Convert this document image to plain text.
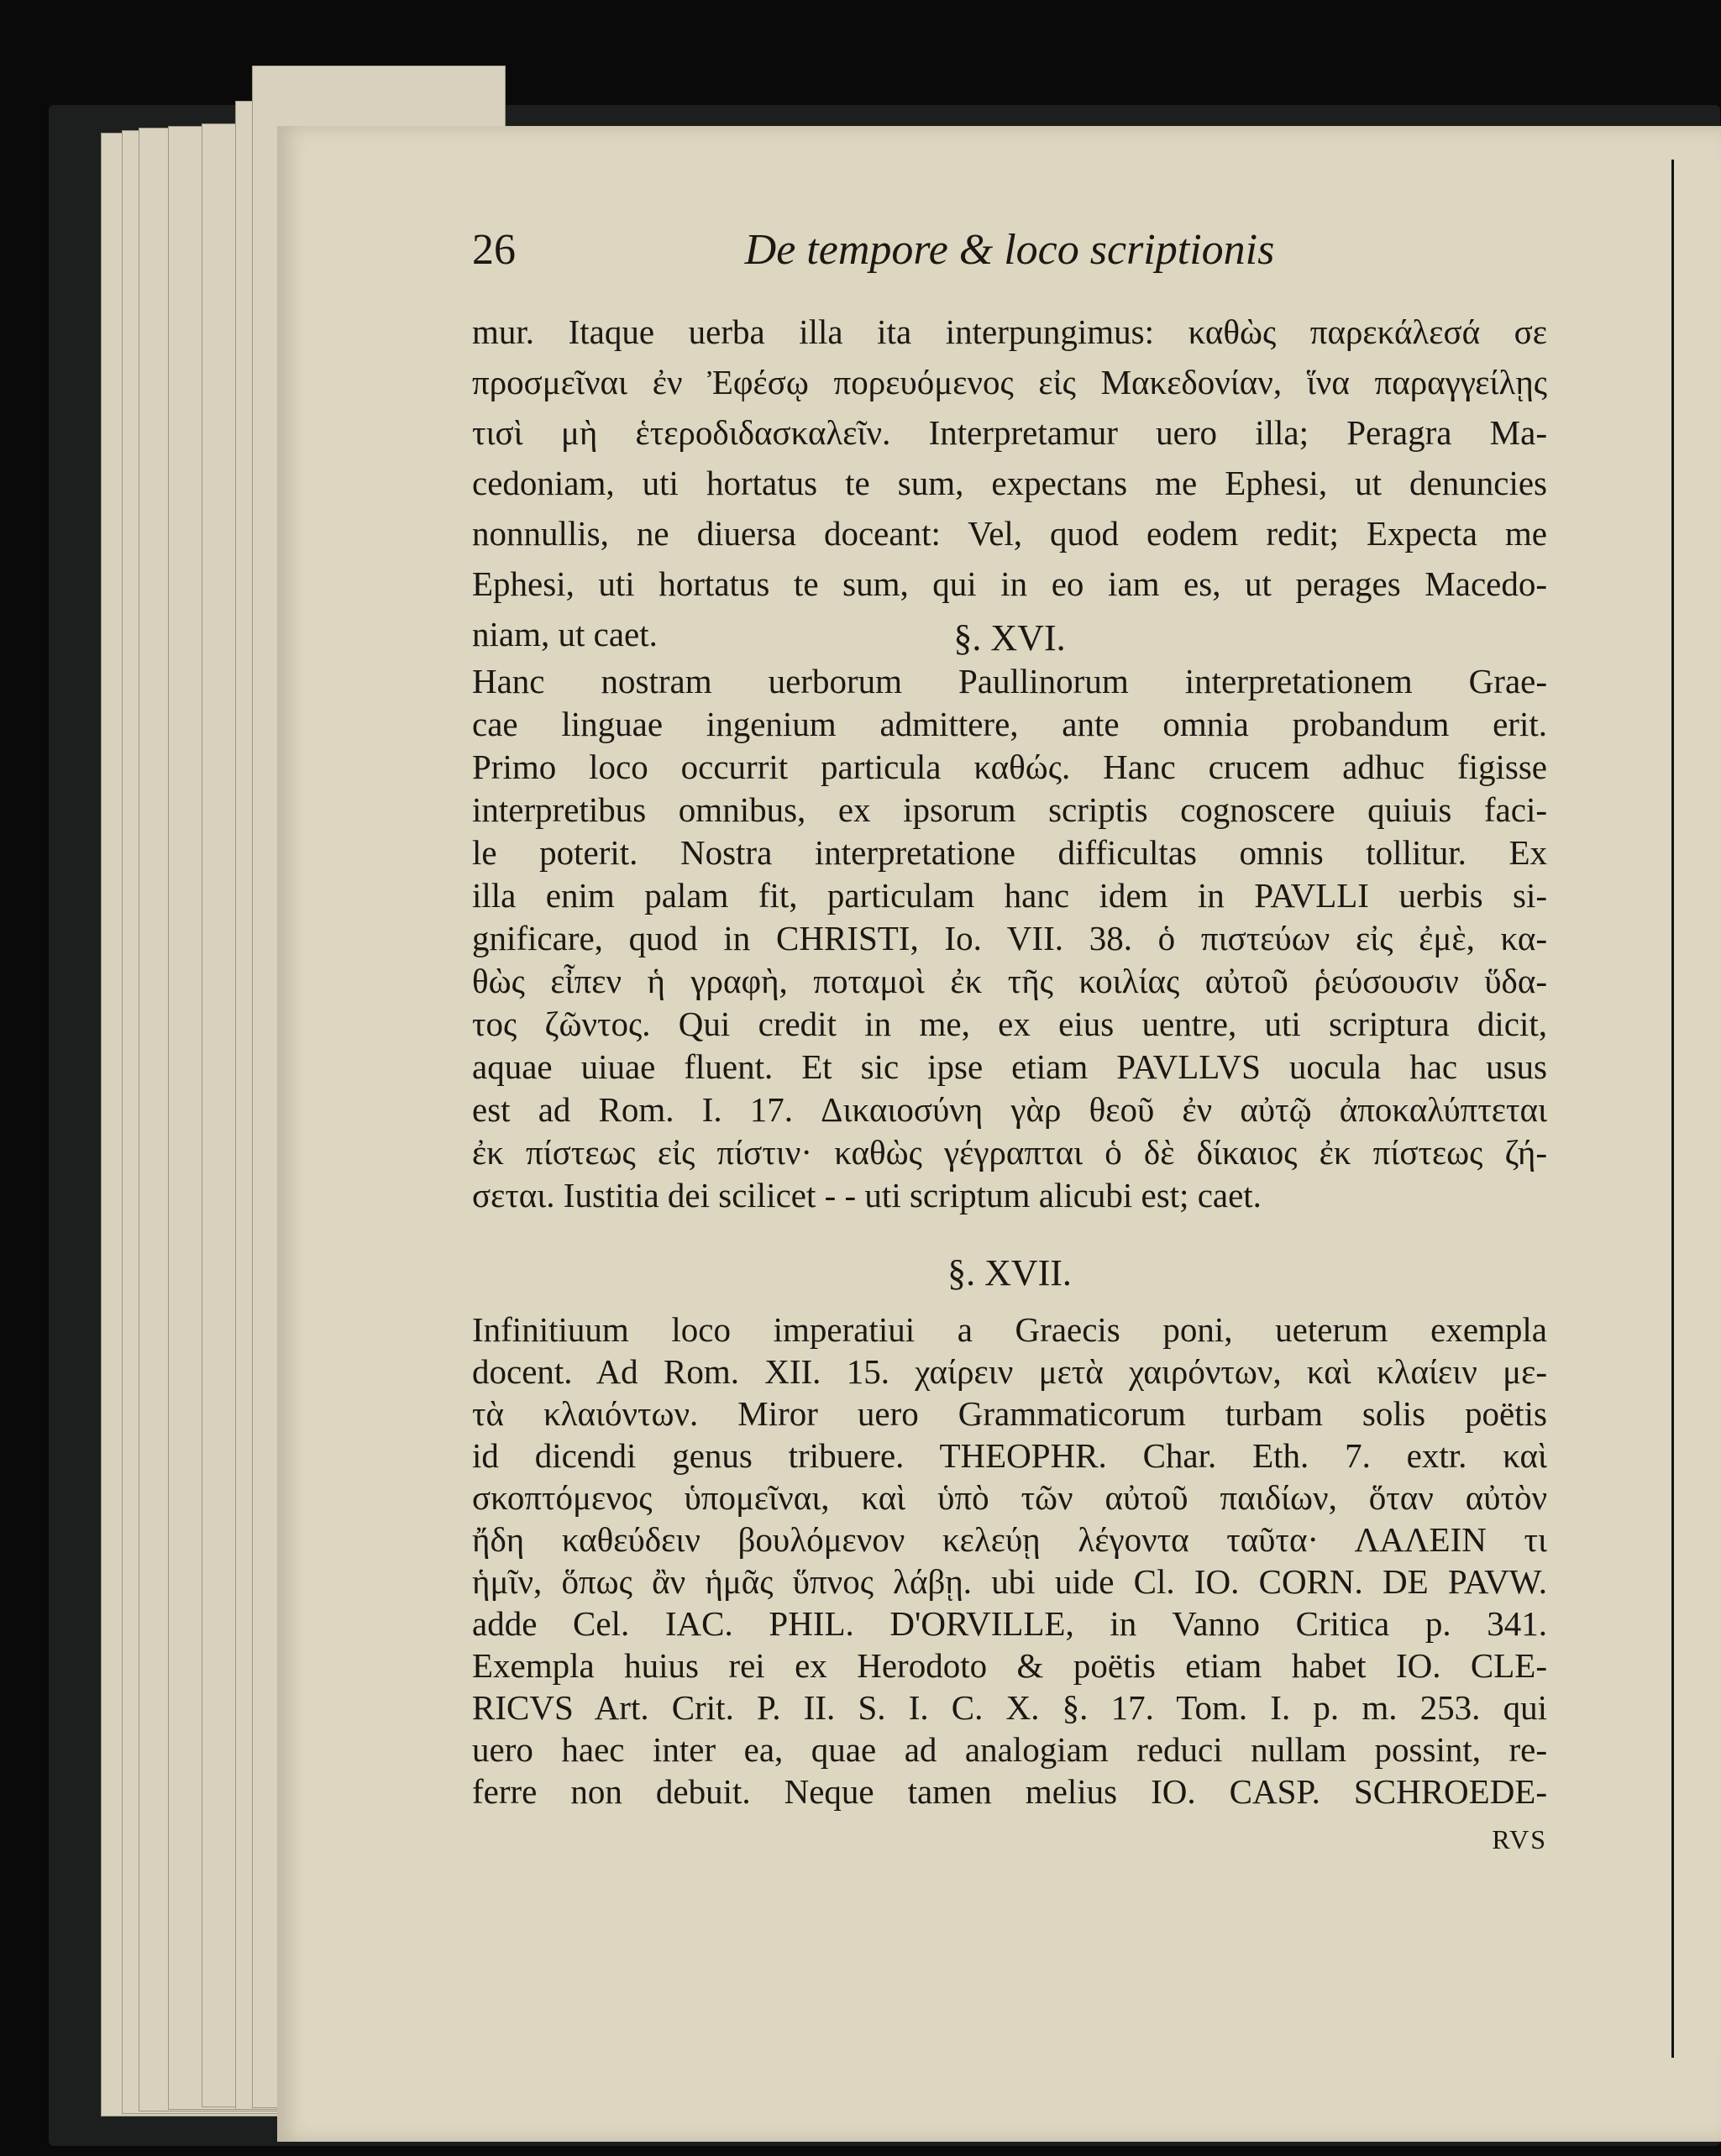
26	De tempore & loco scriptionis
mur. Itaque uerba illa ita interpungimus: καθὼς παρεκάλεσά σε
προσμεῖναι ἐν Ἐφέσῳ πορευόμενος εἰς Μακεδονίαν, ἵνα παραγγείλῃς
τισὶ μὴ ἑτεροδιδασκαλεῖν. Interpretamur uero illa; Peragra Ma-
cedoniam, uti hortatus te sum, expectans me Ephesi, ut denuncies
nonnullis, ne diuersa doceant: Vel, quod eodem redit; Expecta me
Ephesi, uti hortatus te sum, qui in eo iam es, ut perages Macedo-
niam, ut caet.	§. XVI.
Hanc nostram uerborum Paullinorum interpretationem Grae-
cae linguae ingenium admittere, ante omnia probandum erit.
Primo loco occurrit particula καθώς. Hanc crucem adhuc figisse
interpretibus omnibus, ex ipsorum scriptis cognoscere quiuis faci-
le poterit. Nostra interpretatione difficultas omnis tollitur. Ex
illa enim palam fit, particulam hanc idem in PAVLLI uerbis si-
gnificare, quod in CHRISTI, Io. VII. 38. ὁ πιστεύων εἰς ἐμὲ, κα-
θὼς εἶπεν ἡ γραφὴ, ποταμοὶ ἐκ τῆς κοιλίας αὐτοῦ ῥεύσουσιν ὕδα-
τος ζῶντος. Qui credit in me, ex eius uentre, uti scriptura dicit,
aquae uiuae fluent. Et sic ipse etiam PAVLLVS uocula hac usus
est ad Rom. I. 17. Δικαιοσύνη γὰρ θεοῦ ἐν αὐτῷ ἀποκαλύπτεται
ἐκ πίστεως εἰς πίστιν· καθὼς γέγραπται ὁ δὲ δίκαιος ἐκ πίστεως ζή-
σεται. Iustitia dei scilicet - - uti scriptum alicubi est; caet.
§. XVII.
Infinitiuum loco imperatiui a Graecis poni, ueterum exempla
docent. Ad Rom. XII. 15. χαίρειν μετὰ χαιρόντων, καὶ κλαίειν με-
τὰ κλαιόντων. Miror uero Grammaticorum turbam solis poëtis
id dicendi genus tribuere. THEOPHR. Char. Eth. 7. extr. καὶ
σκοπτόμενος ὑπομεῖναι, καὶ ὑπὸ τῶν αὐτοῦ παιδίων, ὅταν αὐτὸν
ἤδη καθεύδειν βουλόμενον κελεύῃ λέγοντα ταῦτα· ΛΑΛΕΙΝ τι
ἡμῖν, ὅπως ἂν ἡμᾶς ὕπνος λάβῃ. ubi uide Cl. IO. CORN. DE PAVW.
adde Cel. IAC. PHIL. D'ORVILLE, in Vanno Critica p. 341.
Exempla huius rei ex Herodoto & poëtis etiam habet IO. CLE-
RICVS Art. Crit. P. II. S. I. C. X. §. 17. Tom. I. p. m. 253. qui
uero haec inter ea, quae ad analogiam reduci nullam possint, re-
ferre non debuit. Neque tamen melius IO. CASP. SCHROEDE-
RVS
